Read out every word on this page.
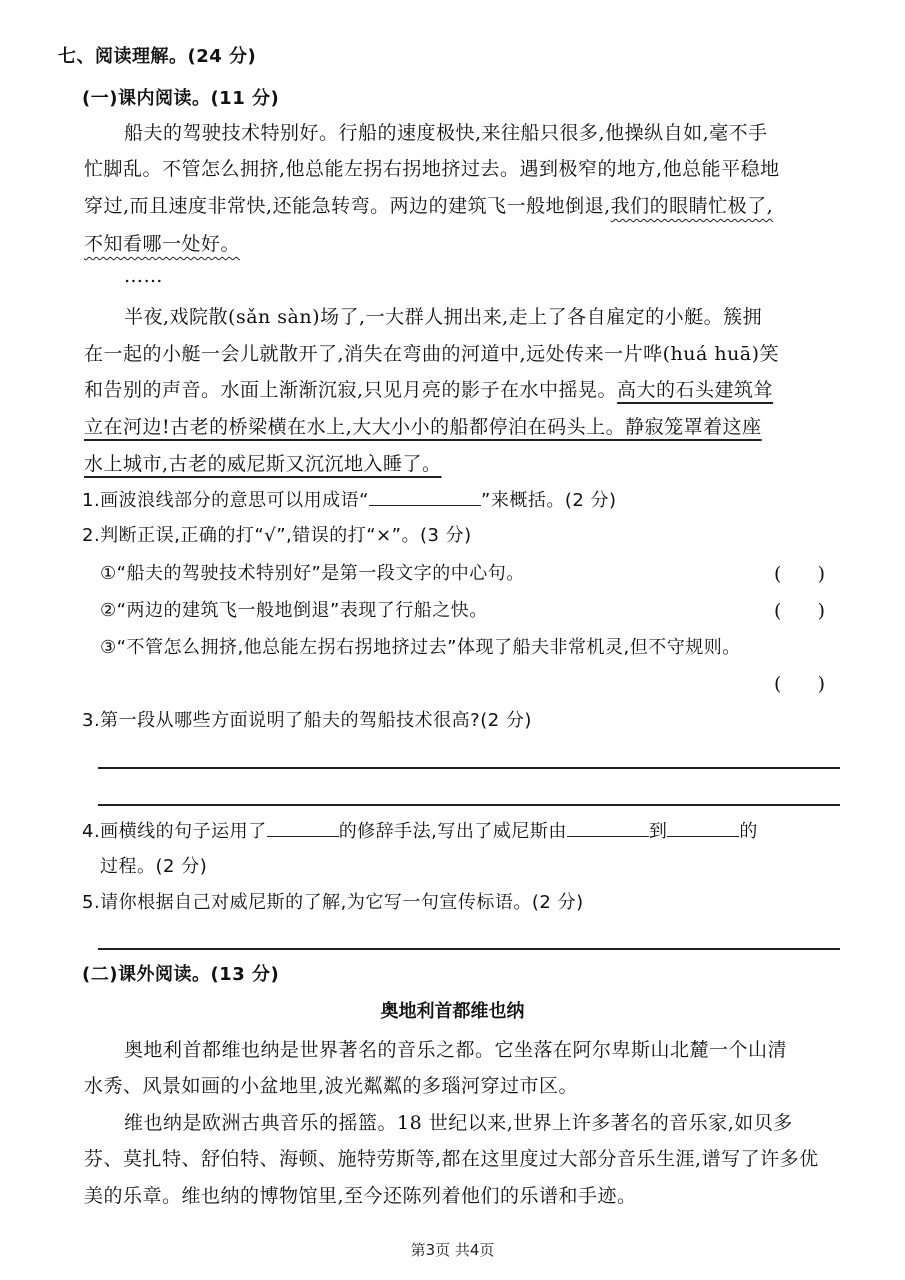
七、阅读理解。(24 分)
(一)课内阅读。(11 分)
船夫的驾驶技术特别好。行船的速度极快,来往船只很多,他操纵自如,毫不手
忙脚乱。不管怎么拥挤,他总能左拐右拐地挤过去。遇到极窄的地方,他总能平稳地
穿过,而且速度非常快,还能急转弯。两边的建筑飞一般地倒退,我们的眼睛忙极了,
不知看哪一处好。
……
半夜,戏院散(sǎn sàn)场了,一大群人拥出来,走上了各自雇定的小艇。簇拥
在一起的小艇一会儿就散开了,消失在弯曲的河道中,远处传来一片哗(huá huā)笑
和告别的声音。水面上渐渐沉寂,只见月亮的影子在水中摇晃。高大的石头建筑耸
立在河边!古老的桥梁横在水上,大大小小的船都停泊在码头上。静寂笼罩着这座
水上城市,古老的威尼斯又沉沉地入睡了。
1.画波浪线部分的意思可以用成语“	”来概括。(2 分)
2.判断正误,正确的打“√”,错误的打“×”。(3 分)
①“船夫的驾驶技术特别好”是第一段文字的中心句。	(      )
②“两边的建筑飞一般地倒退”表现了行船之快。	(      )
③“不管怎么拥挤,他总能左拐右拐地挤过去”体现了船夫非常机灵,但不守规则。
(      )
3.第一段从哪些方面说明了船夫的驾船技术很高?(2 分)
4.画横线的句子运用了	的修辞手法,写出了威尼斯由	到	的
过程。(2 分)
5.请你根据自己对威尼斯的了解,为它写一句宣传标语。(2 分)
(二)课外阅读。(13 分)
奥地利首都维也纳
奥地利首都维也纳是世界著名的音乐之都。它坐落在阿尔卑斯山北麓一个山清
水秀、风景如画的小盆地里,波光粼粼的多瑙河穿过市区。
维也纳是欧洲古典音乐的摇篮。18 世纪以来,世界上许多著名的音乐家,如贝多
芬、莫扎特、舒伯特、海顿、施特劳斯等,都在这里度过大部分音乐生涯,谱写了许多优
美的乐章。维也纳的博物馆里,至今还陈列着他们的乐谱和手迹。
第3页 共4页
